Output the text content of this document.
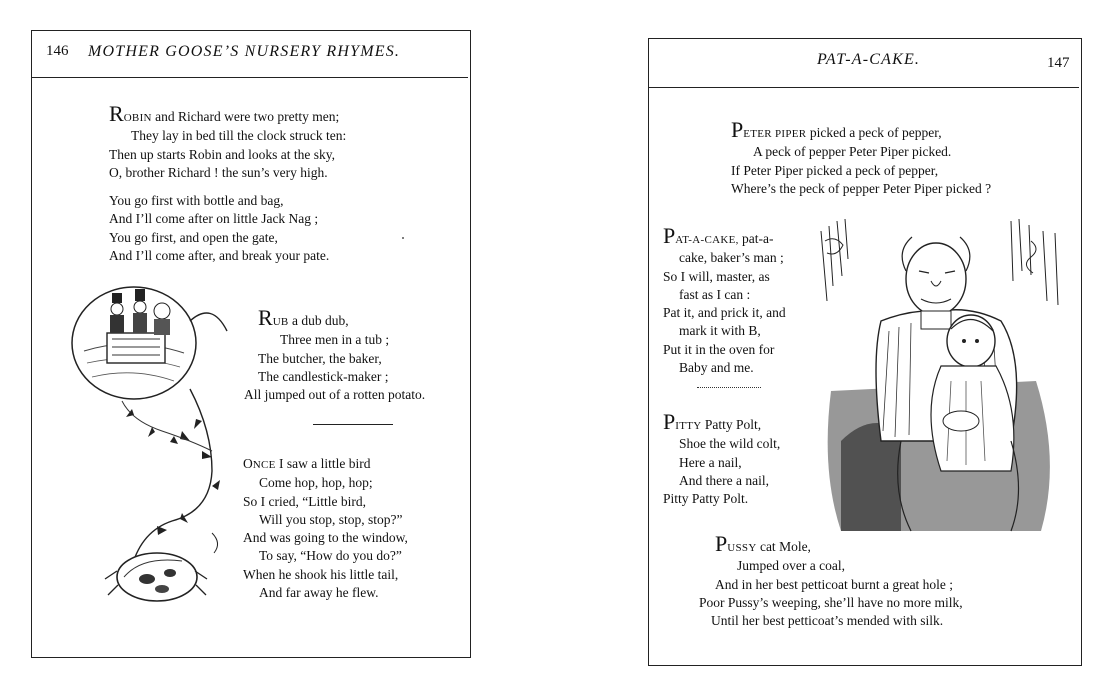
146 MOTHER GOOSE’S NURSERY RHYMES.
ROBIN and Richard were two pretty men;
They lay in bed till the clock struck ten:
Then up starts Robin and looks at the sky,
O, brother Richard ! the sun’s very high.
You go first with bottle and bag,
And I’ll come after on little Jack Nag ;
You go first, and open the gate,
And I’ll come after, and break your pate.
RUB a dub dub,
Three men in a tub ;
The butcher, the baker,
The candlestick-maker ;
All jumped out of a rotten potato.
ONCE I saw a little bird
Come hop, hop, hop;
So I cried, “Little bird,
Will you stop, stop, stop?”
And was going to the window,
To say, “How do you do?”
When he shook his little tail,
And far away he flew.
PAT-A-CAKE.	147
PETER PIPER picked a peck of pepper,
A peck of pepper Peter Piper picked.
If Peter Piper picked a peck of pepper,
Where’s the peck of pepper Peter Piper picked ?
PAT-A-CAKE, pat-a-
cake, baker’s man ;
So I will, master, as
fast as I can :
Pat it, and prick it, and
mark it with B,
Put it in the oven for
Baby and me.
PITTY Patty Polt,
Shoe the wild colt,
Here a nail,
And there a nail,
Pitty Patty Polt.
PUSSY cat Mole,
Jumped over a coal,
And in her best petticoat burnt a great hole ;
Poor Pussy’s weeping, she’ll have no more milk,
Until her best petticoat’s mended with silk.
